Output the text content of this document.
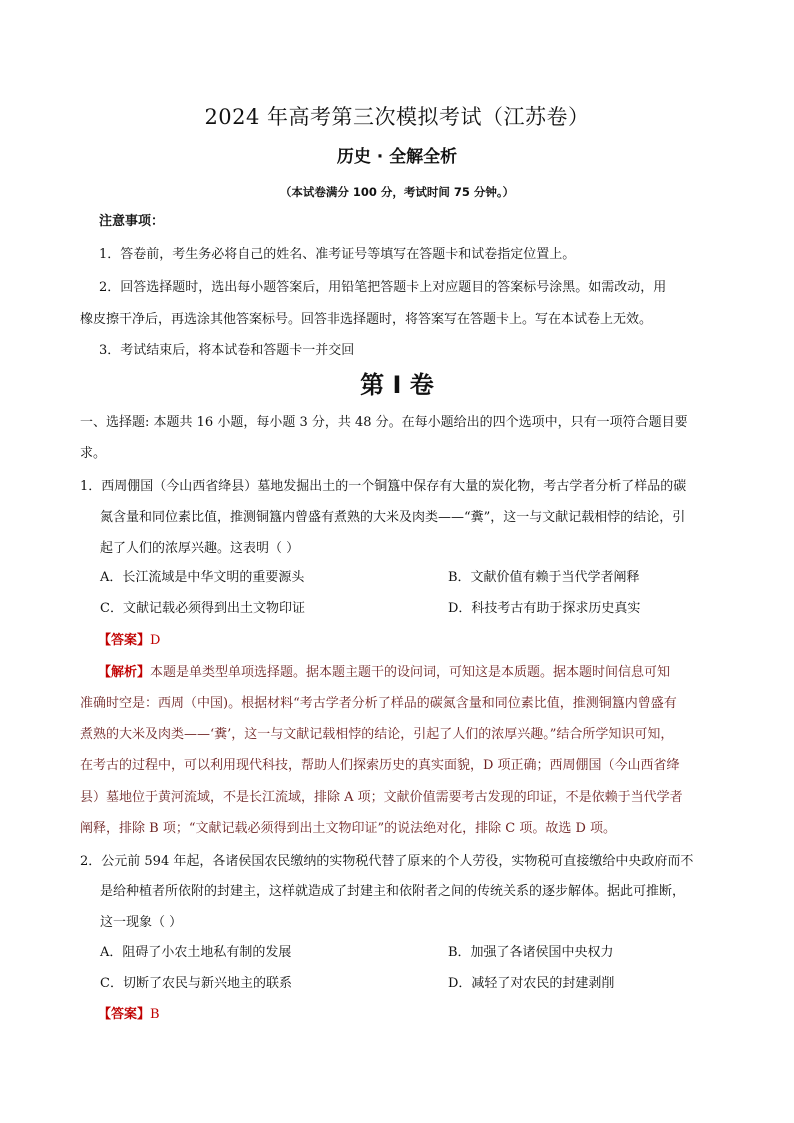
2024 年高考第三次模拟考试（江苏卷）
历史 · 全解全析
（本试卷满分 100 分，考试时间 75 分钟。）
注意事项：
1．答卷前，考生务必将自己的姓名、准考证号等填写在答题卡和试卷指定位置上。
2．回答选择题时，选出每小题答案后，用铅笔把答题卡上对应题目的答案标号涂黑。如需改动，用
橡皮擦干净后，再选涂其他答案标号。回答非选择题时，将答案写在答题卡上。写在本试卷上无效。
3．考试结束后，将本试卷和答题卡一并交回
第 I 卷
一、选择题: 本题共 16 小题，每小题 3 分，共 48 分。在每小题给出的四个选项中，只有一项符合题目要
求。
1．西周倗国（今山西省绛县）墓地发掘出土的一个铜簋中保存有大量的炭化物，考古学者分析了样品的碳
氮含量和同位素比值，推测铜簋内曾盛有煮熟的大米及肉类——“糞”，这一与文献记载相悖的结论，引
起了人们的浓厚兴趣。这表明（ ）
A．长江流域是中华文明的重要源头	B．文献价值有赖于当代学者阐释
C．文献记载必须得到出土文物印证	D．科技考古有助于探求历史真实
【答案】D
【解析】本题是单类型单项选择题。据本题主题干的设问词，可知这是本质题。据本题时间信息可知
准确时空是：西周（中国)。根据材料“考古学者分析了样品的碳氮含量和同位素比值，推测铜簋内曾盛有
煮熟的大米及肉类——‘糞’，这一与文献记载相悖的结论，引起了人们的浓厚兴趣。”结合所学知识可知，
在考古的过程中，可以利用现代科技，帮助人们探索历史的真实面貌，D 项正确；西周倗国（今山西省绛
县）墓地位于黄河流域，不是长江流域，排除 A 项；文献价值需要考古发现的印证，不是依赖于当代学者
阐释，排除 B 项；“文献记载必须得到出土文物印证”的说法绝对化，排除 C 项。故选 D 项。
2．公元前 594 年起，各诸侯国农民缴纳的实物税代替了原来的个人劳役，实物税可直接缴给中央政府而不
是给种植者所依附的封建主，这样就造成了封建主和依附者之间的传统关系的逐步解体。据此可推断，
这一现象（ ）
A．阻碍了小农土地私有制的发展	B．加强了各诸侯国中央权力
C．切断了农民与新兴地主的联系	D．减轻了对农民的封建剥削
【答案】B
